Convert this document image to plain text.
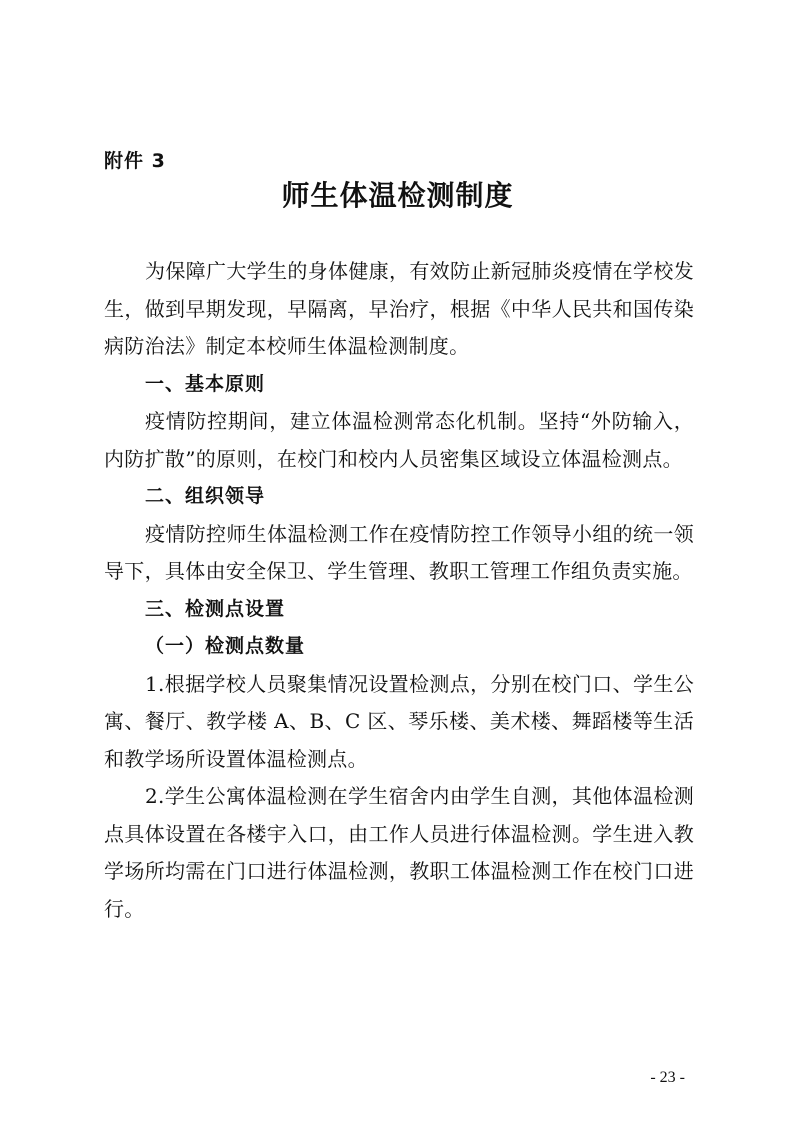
附件 3
师生体温检测制度

为保障广大学生的身体健康，有效防止新冠肺炎疫情在学校发生，做到早期发现，早隔离，早治疗，根据《中华人民共和国传染病防治法》制定本校师生体温检测制度。

一、基本原则

疫情防控期间，建立体温检测常态化机制。坚持“外防输入，内防扩散”的原则，在校门和校内人员密集区域设立体温检测点。

二、组织领导

疫情防控师生体温检测工作在疫情防控工作领导小组的统一领导下，具体由安全保卫、学生管理、教职工管理工作组负责实施。

三、检测点设置

（一）检测点数量

1.根据学校人员聚集情况设置检测点，分别在校门口、学生公寓、餐厅、教学楼 A、B、C 区、琴乐楼、美术楼、舞蹈楼等生活和教学场所设置体温检测点。

2.学生公寓体温检测在学生宿舍内由学生自测，其他体温检测点具体设置在各楼宇入口，由工作人员进行体温检测。学生进入教学场所均需在门口进行体温检测，教职工体温检测工作在校门口进行。

- 23 -
